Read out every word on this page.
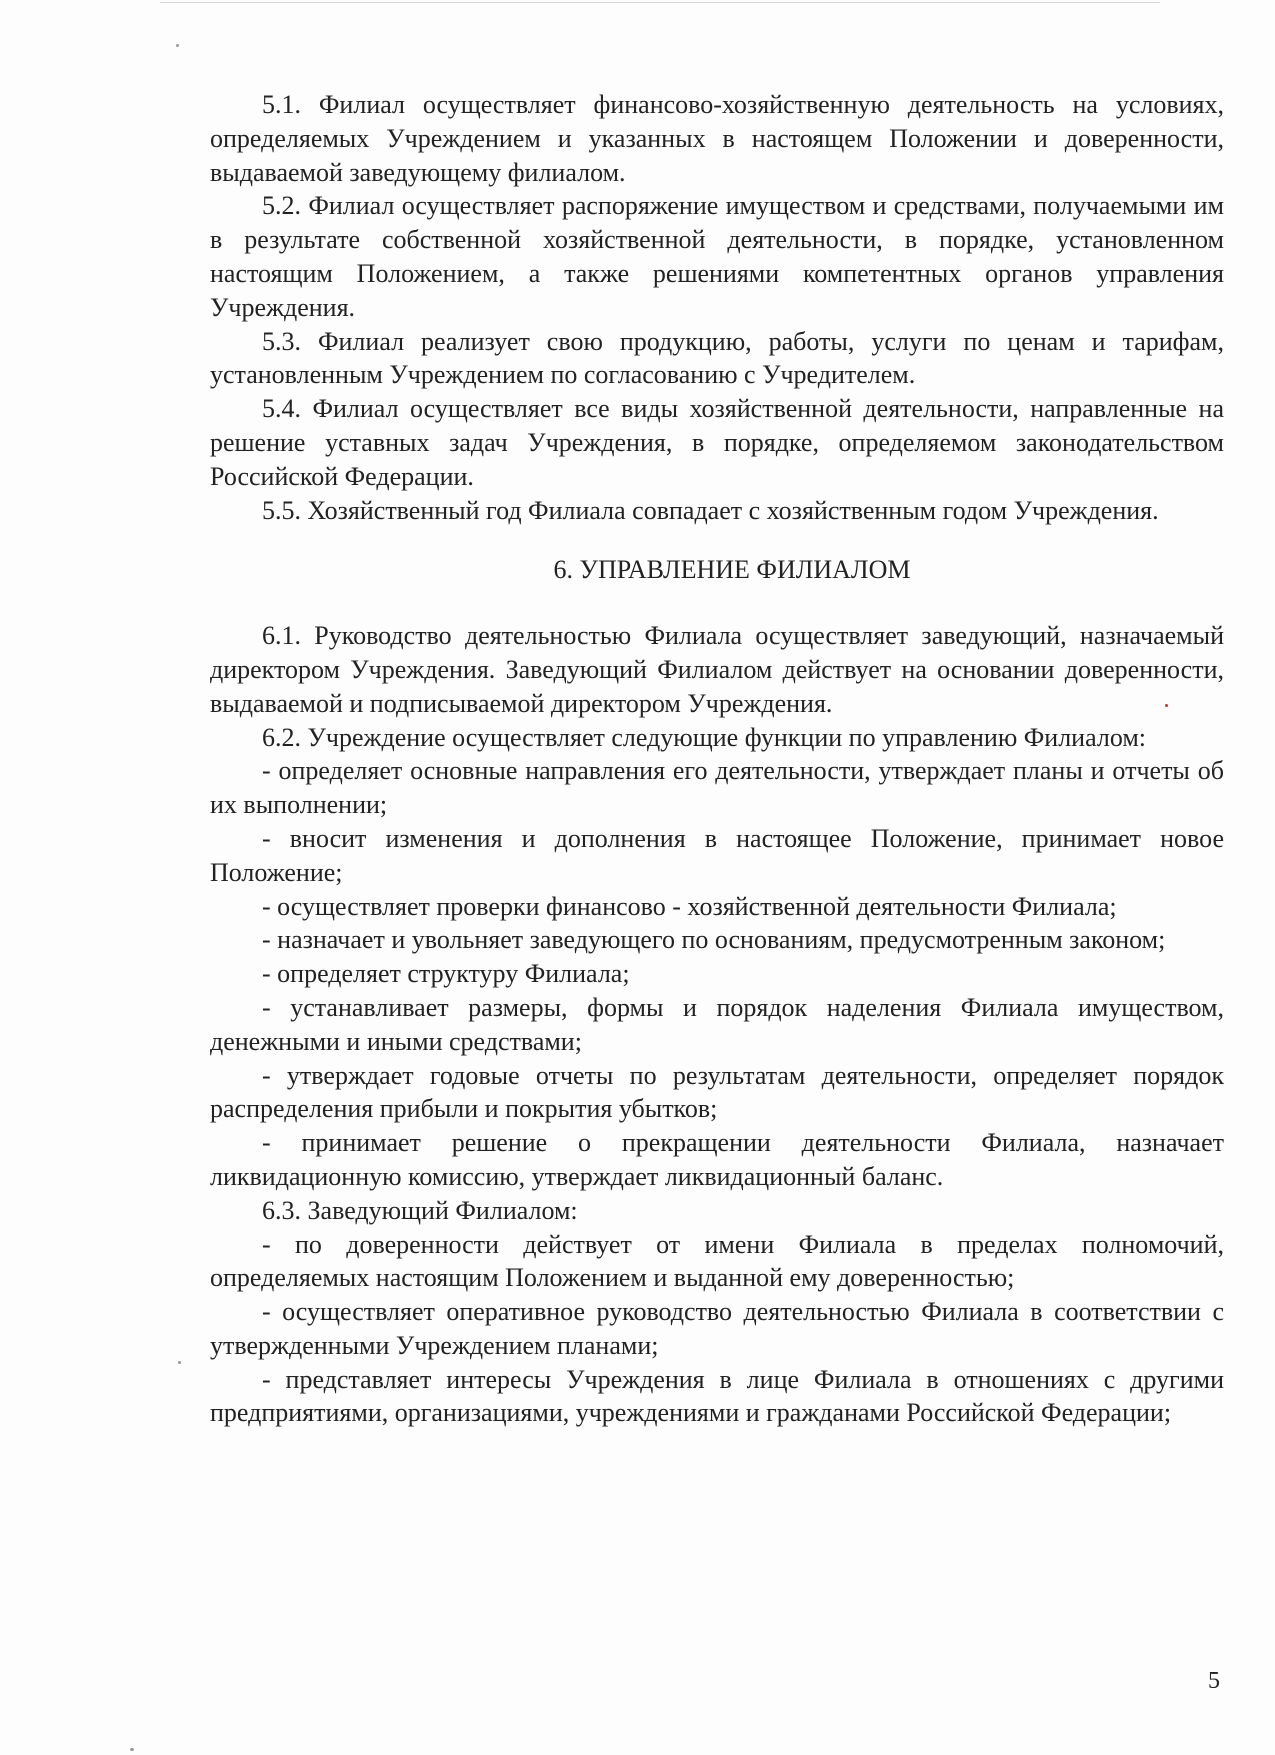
5.1. Филиал осуществляет финансово-хозяйственную деятельность на условиях, определяемых Учреждением и указанных в настоящем Положении и доверенности, выдаваемой заведующему филиалом.

5.2. Филиал осуществляет распоряжение имуществом и средствами, получаемыми им в результате собственной хозяйственной деятельности, в порядке, установленном настоящим Положением, а также решениями компетентных органов управления Учреждения.

5.3. Филиал реализует свою продукцию, работы, услуги по ценам и тарифам, установленным Учреждением по согласованию с Учредителем.

5.4. Филиал осуществляет все виды хозяйственной деятельности, направленные на решение уставных задач Учреждения, в порядке, определяемом законодательством Российской Федерации.

5.5. Хозяйственный год Филиала совпадает с хозяйственным годом Учреждения.

6. УПРАВЛЕНИЕ ФИЛИАЛОМ

6.1. Руководство деятельностью Филиала осуществляет заведующий, назначаемый директором Учреждения. Заведующий Филиалом действует на основании доверенности, выдаваемой и подписываемой директором Учреждения.

6.2. Учреждение осуществляет следующие функции по управлению Филиалом:

- определяет основные направления его деятельности, утверждает планы и отчеты об их выполнении;

- вносит изменения и дополнения в настоящее Положение, принимает новое Положение;

- осуществляет проверки финансово - хозяйственной деятельности Филиала;

- назначает и увольняет заведующего по основаниям, предусмотренным законом;

- определяет структуру Филиала;

- устанавливает размеры, формы и порядок наделения Филиала имуществом, денежными и иными средствами;

- утверждает годовые отчеты по результатам деятельности, определяет порядок распределения прибыли и покрытия убытков;

- принимает решение о прекращении деятельности Филиала, назначает ликвидационную комиссию, утверждает ликвидационный баланс.

6.3. Заведующий Филиалом:

- по доверенности действует от имени Филиала в пределах полномочий, определяемых настоящим Положением и выданной ему доверенностью;

- осуществляет оперативное руководство деятельностью Филиала в соответствии с утвержденными Учреждением планами;

- представляет интересы Учреждения в лице Филиала в отношениях с другими предприятиями, организациями, учреждениями и гражданами Российской Федерации;

5
